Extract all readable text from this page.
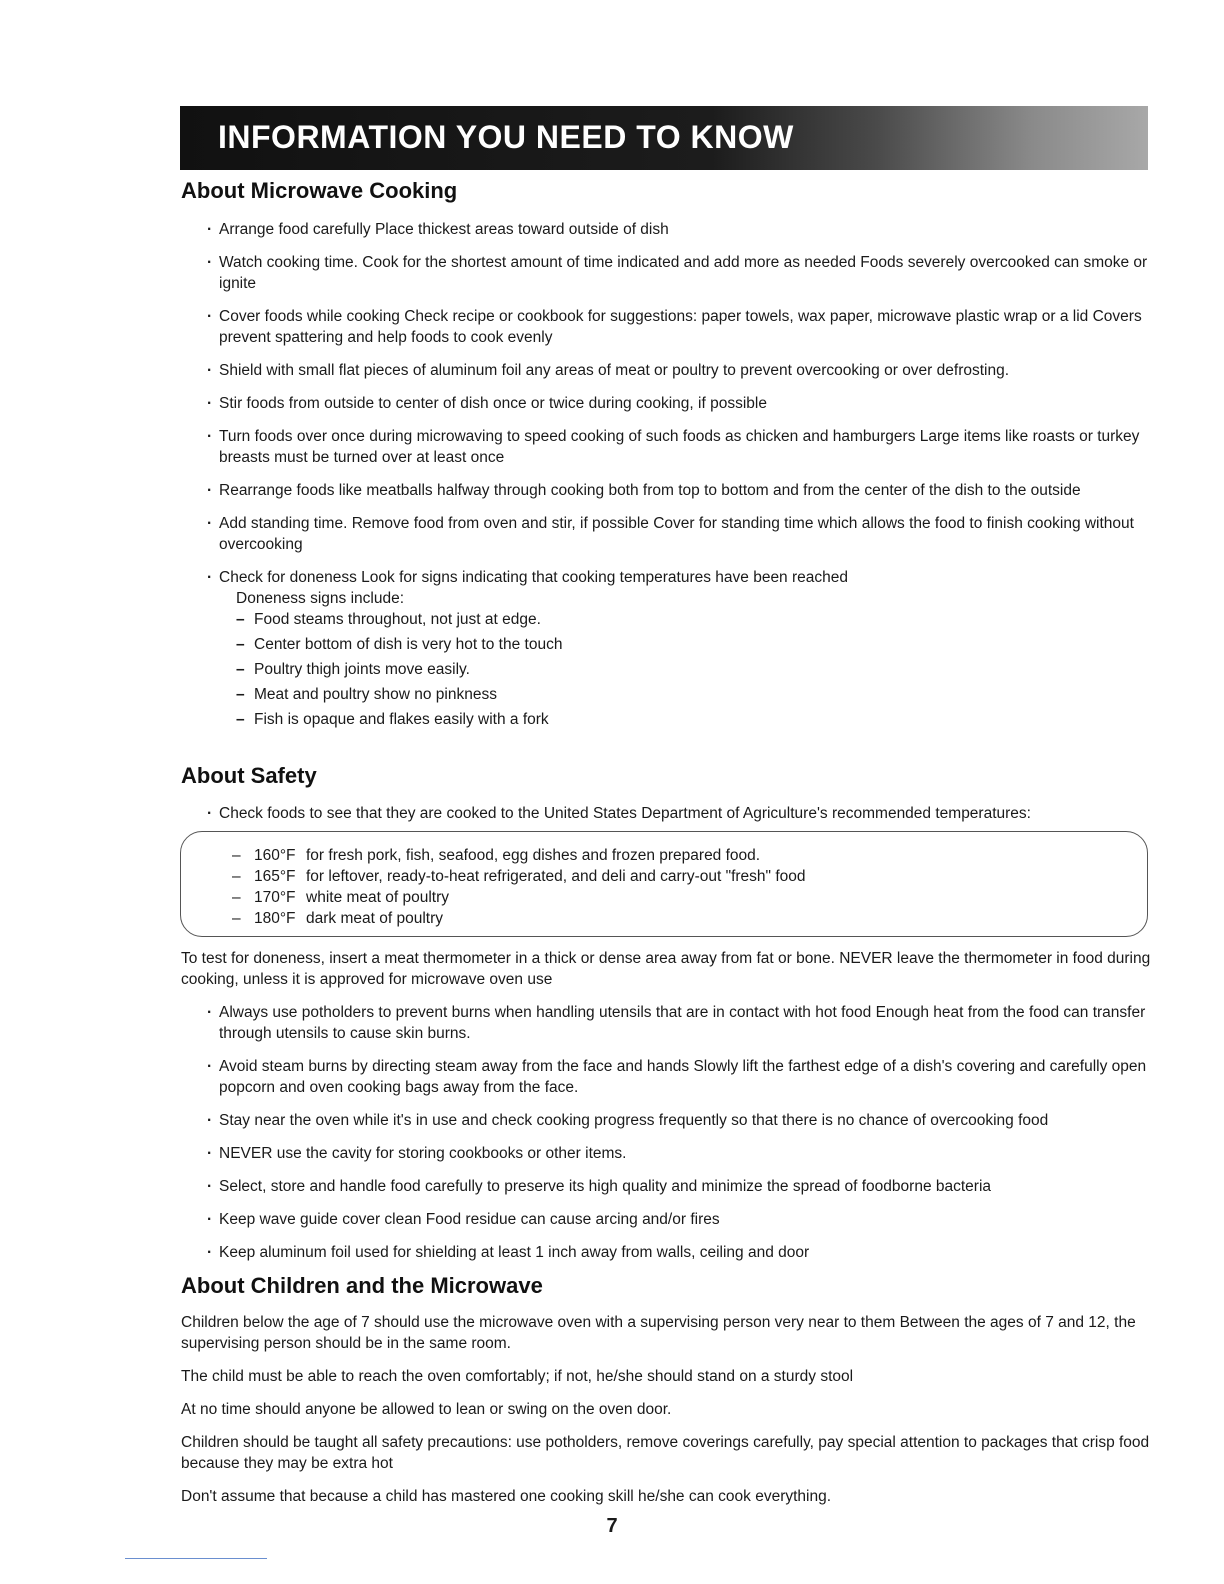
INFORMATION YOU NEED TO KNOW
About Microwave Cooking
· Arrange food carefully Place thickest areas toward outside of dish
· Watch cooking time. Cook for the shortest amount of time indicated and add more as needed Foods severely overcooked can smoke or ignite
· Cover foods while cooking Check recipe or cookbook for suggestions: paper towels, wax paper, microwave plastic wrap or a lid Covers prevent spattering and help foods to cook evenly
· Shield with small flat pieces of aluminum foil any areas of meat or poultry to prevent overcooking or over defrosting.
· Stir foods from outside to center of dish once or twice during cooking, if possible
· Turn foods over once during microwaving to speed cooking of such foods as chicken and hamburgers Large items like roasts or turkey breasts must be turned over at least once
· Rearrange foods like meatballs halfway through cooking both from top to bottom and from the center of the dish to the outside
· Add standing time. Remove food from oven and stir, if possible Cover for standing time which allows the food to finish cooking without overcooking
· Check for doneness Look for signs indicating that cooking temperatures have been reached
Doneness signs include:
– Food steams throughout, not just at edge.
– Center bottom of dish is very hot to the touch
– Poultry thigh joints move easily.
– Meat and poultry show no pinkness
– Fish is opaque and flakes easily with a fork
About Safety
· Check foods to see that they are cooked to the United States Department of Agriculture's recommended temperatures:
– 160°F for fresh pork, fish, seafood, egg dishes and frozen prepared food.
– 165°F for leftover, ready-to-heat refrigerated, and deli and carry-out "fresh" food
– 170°F white meat of poultry
– 180°F dark meat of poultry

To test for doneness, insert a meat thermometer in a thick or dense area away from fat or bone. NEVER leave the thermometer in food during cooking, unless it is approved for microwave oven use

· Always use potholders to prevent burns when handling utensils that are in contact with hot food Enough heat from the food can transfer through utensils to cause skin burns.
· Avoid steam burns by directing steam away from the face and hands Slowly lift the farthest edge of a dish's covering and carefully open popcorn and oven cooking bags away from the face.
· Stay near the oven while it's in use and check cooking progress frequently so that there is no chance of overcooking food
· NEVER use the cavity for storing cookbooks or other items.
· Select, store and handle food carefully to preserve its high quality and minimize the spread of foodborne bacteria
· Keep wave guide cover clean Food residue can cause arcing and/or fires
· Keep aluminum foil used for shielding at least 1 inch away from walls, ceiling and door
About Children and the Microwave

Children below the age of 7 should use the microwave oven with a supervising person very near to them Between the ages of 7 and 12, the supervising person should be in the same room.

The child must be able to reach the oven comfortably; if not, he/she should stand on a sturdy stool

At no time should anyone be allowed to lean or swing on the oven door.

Children should be taught all safety precautions: use potholders, remove coverings carefully, pay special attention to packages that crisp food because they may be extra hot

Don't assume that because a child has mastered one cooking skill he/she can cook everything.

7
